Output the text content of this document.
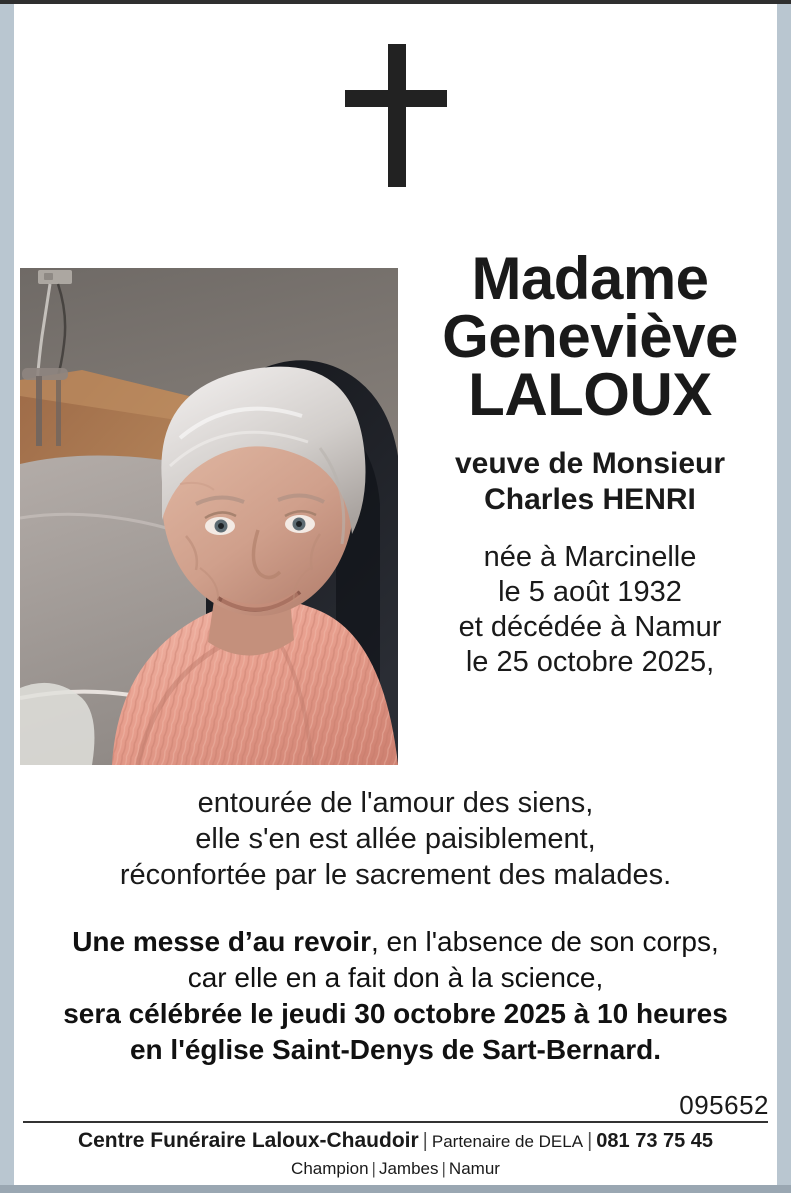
Madame
Geneviève
LALOUX
veuve de Monsieur
Charles HENRI
née à Marcinelle
le 5 août 1932
et décédée à Namur
le 25 octobre 2025,
entourée de l'amour des siens,
elle s'en est allée paisiblement,
réconfortée par le sacrement des malades.
Une messe d’au revoir, en l'absence de son corps,
car elle en a fait don à la science,
sera célébrée le jeudi 30 octobre 2025 à 10 heures
en l'église Saint-Denys de Sart-Bernard.
095652
Centre Funéraire Laloux-Chaudoir | Partenaire de DELA | 081 73 75 45
Champion | Jambes | Namur
